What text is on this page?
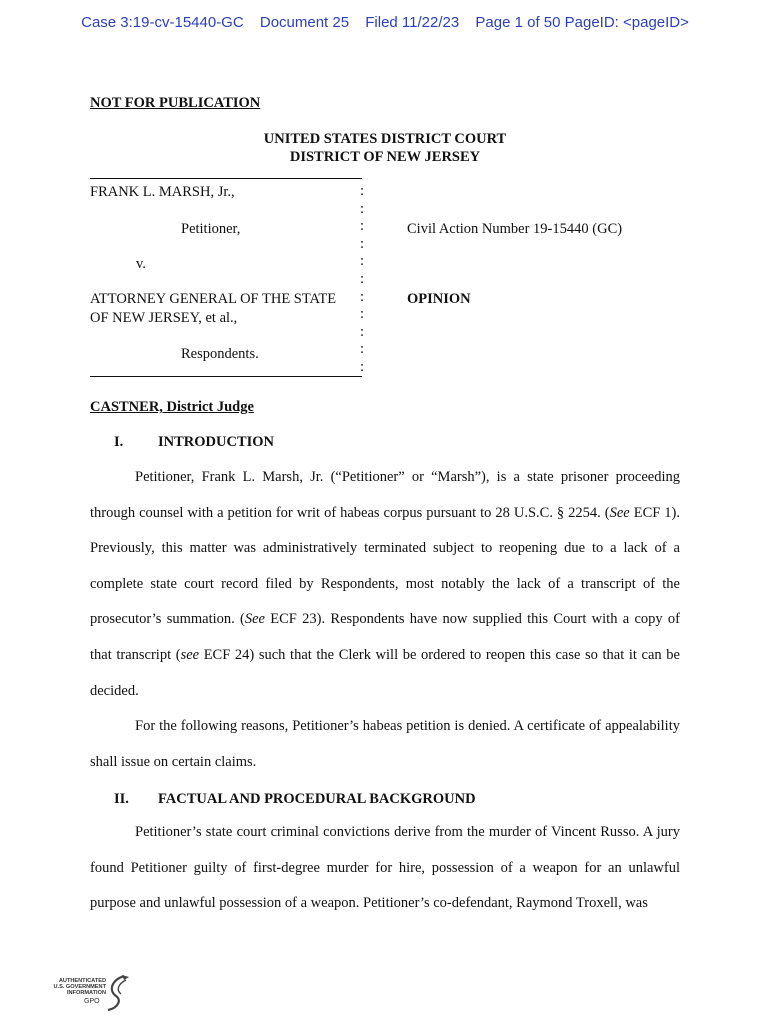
Case 3:19-cv-15440-GC Document 25 Filed 11/22/23 Page 1 of 50 PageID: <pageID>
NOT FOR PUBLICATION
UNITED STATES DISTRICT COURT
DISTRICT OF NEW JERSEY
FRANK L. MARSH, Jr.,
Petitioner,
v.
ATTORNEY GENERAL OF THE STATE
OF NEW JERSEY, et al.,
Respondents.
:
:
:
:
:
:
:
:
:
:
:
Civil Action Number 19-15440 (GC)
OPINION
CASTNER, District Judge
I. INTRODUCTION

Petitioner, Frank L. Marsh, Jr. (“Petitioner” or “Marsh”), is a state prisoner proceeding through counsel with a petition for writ of habeas corpus pursuant to 28 U.S.C. § 2254. (See ECF 1). Previously, this matter was administratively terminated subject to reopening due to a lack of a complete state court record filed by Respondents, most notably the lack of a transcript of the prosecutor’s summation. (See ECF 23). Respondents have now supplied this Court with a copy of that transcript (see ECF 24) such that the Clerk will be ordered to reopen this case so that it can be decided.

For the following reasons, Petitioner’s habeas petition is denied. A certificate of appealability shall issue on certain claims.

II. FACTUAL AND PROCEDURAL BACKGROUND

Petitioner’s state court criminal convictions derive from the murder of Vincent Russo. A jury found Petitioner guilty of first-degree murder for hire, possession of a weapon for an unlawful purpose and unlawful possession of a weapon. Petitioner’s co-defendant, Raymond Troxell, was

AUTHENTICATED
U.S. GOVERNMENT
INFORMATION
GPO
